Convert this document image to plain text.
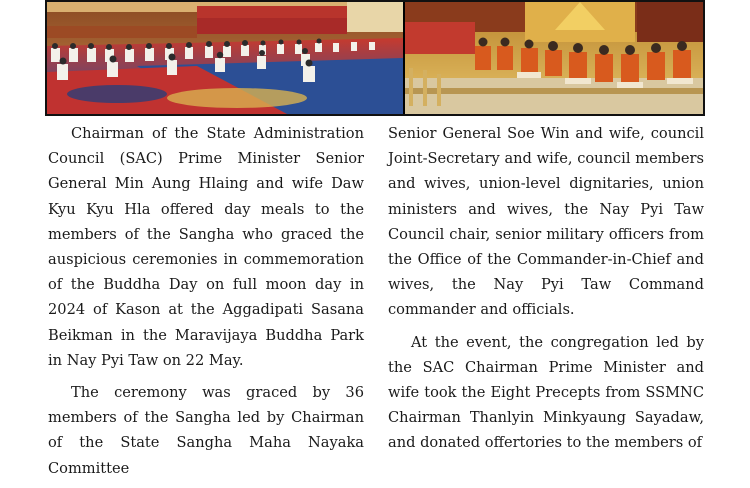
Chairman of the State Administration Council (SAC) Prime Minister Senior General Min Aung Hlaing and wife Daw Kyu Kyu Hla offered day meals to the members of the Sangha who graced the auspicious ceremonies in commemoration of the Buddha Day on full moon day in 2024 of Kason at the Aggadipati Sasana Beikman in the Maravijaya Buddha Park in Nay Pyi Taw on 22 May.

The ceremony was graced by 36 members of the Sangha led by Chairman of the State Sangha Maha Nayaka Committee

Senior General Soe Win and wife, council Joint-Secretary and wife, council members and wives, union-level dignitaries, union ministers and wives, the Nay Pyi Taw Council chair, senior military officers from the Office of the Commander-in-Chief and wives, the Nay Pyi Taw Command commander and officials.

At the event, the congregation led by the SAC Chairman Prime Minister and wife took the Eight Precepts from SSMNC Chairman Thanlyin Minkyaung Sayadaw, and donated offertories to the members of
